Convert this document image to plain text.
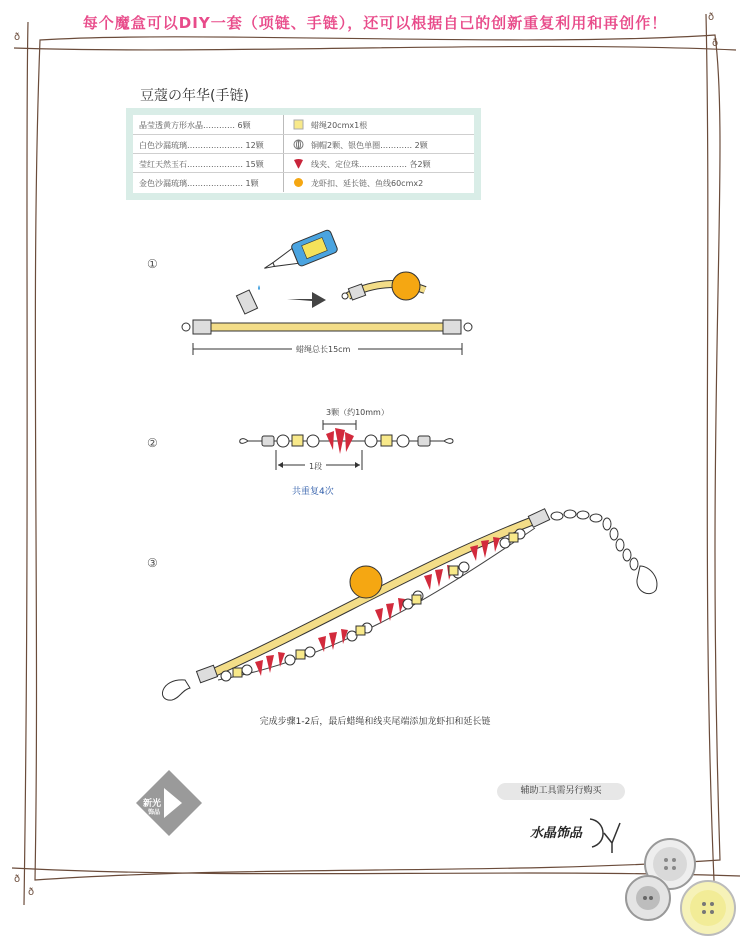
ð
ð
ð
ð
ð
每个魔盒可以DIY一套（项链、手链），还可以根据自己的创新重复利用和再创作！
豆蔻の年华(手链)
晶莹透黄方形水晶………… 6颗	蜡绳20cmx1根
白色沙漏琉璃………………… 12颗	铜帽2颗、银色单圈………… 2颗
莹红天然玉石………………… 15颗	线夹、定位珠……………… 各2颗
金色沙漏琉璃………………… 1颗	龙虾扣、延长链、鱼线60cmx2
①
蜡绳总长15cm
②
3颗（约10mm）
1段
共重复4次
③
完成步骤1-2后，最后蜡绳和线夹尾端添加龙虾扣和延长链
新光
饰品
辅助工具需另行购买
水晶饰品
